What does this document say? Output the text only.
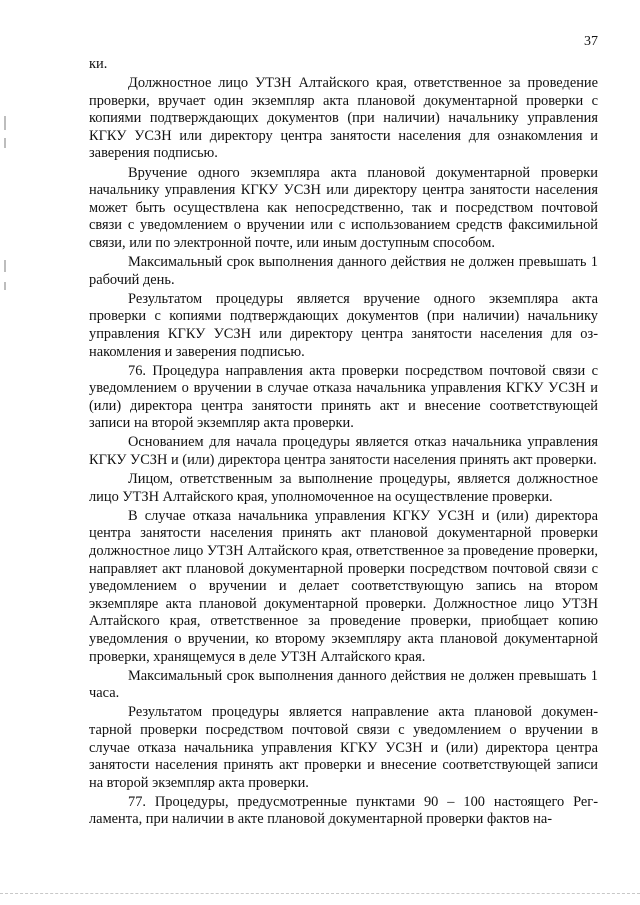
37

ки.

Должностное лицо УТЗН Алтайского края, ответственное за проведение проверки, вручает один экземпляр акта плановой документарной проверки с копиями подтверждающих документов (при наличии) начальнику управления КГКУ УСЗН или директору центра занятости населения для ознакомления и заверения подписью.

Вручение одного экземпляра акта плановой документарной проверки начальнику управления КГКУ УСЗН или директору центра занятости населения может быть осуществлена как непосредственно, так и посредством почтовой связи с уведомлением о вручении или с использованием средств факсимильной связи, или по электронной почте, или иным доступным способом.

Максимальный срок выполнения данного действия не должен превышать 1 рабочий день.

Результатом процедуры является вручение одного экземпляра акта проверки с копиями подтверждающих документов (при наличии) начальнику управления КГКУ УСЗН или директору центра занятости населения для ознакомления и заверения подписью.

76. Процедура направления акта проверки посредством почтовой связи с уведомлением о вручении в случае отказа начальника управления КГКУ УСЗН и (или) директора центра занятости принять акт и внесение соответствующей записи на второй экземпляр акта проверки.

Основанием для начала процедуры является отказ начальника управления КГКУ УСЗН и (или) директора центра занятости населения принять акт проверки.

Лицом, ответственным за выполнение процедуры, является должностное лицо УТЗН Алтайского края, уполномоченное на осуществление проверки.

В случае отказа начальника управления КГКУ УСЗН и (или) директора центра занятости населения принять акт плановой документарной проверки должностное лицо УТЗН Алтайского края, ответственное за проведение проверки, направляет акт плановой документарной проверки посредством почтовой связи с уведомлением о вручении и делает соответствующую запись на втором экземпляре акта плановой документарной проверки. Должностное лицо УТЗН Алтайского края, ответственное за проведение проверки, приобщает копию уведомления о вручении, ко второму экземпляру акта плановой документарной проверки, хранящемуся в деле УТЗН Алтайского края.

Максимальный срок выполнения данного действия не должен превышать 1 часа.

Результатом процедуры является направление акта плановой документарной проверки посредством почтовой связи с уведомлением о вручении в случае отказа начальника управления КГКУ УСЗН и (или) директора центра занятости населения принять акт проверки и внесение соответствующей записи на второй экземпляр акта проверки.

77. Процедуры, предусмотренные пунктами 90 – 100 настоящего Регламента, при наличии в акте плановой документарной проверки фактов на-
